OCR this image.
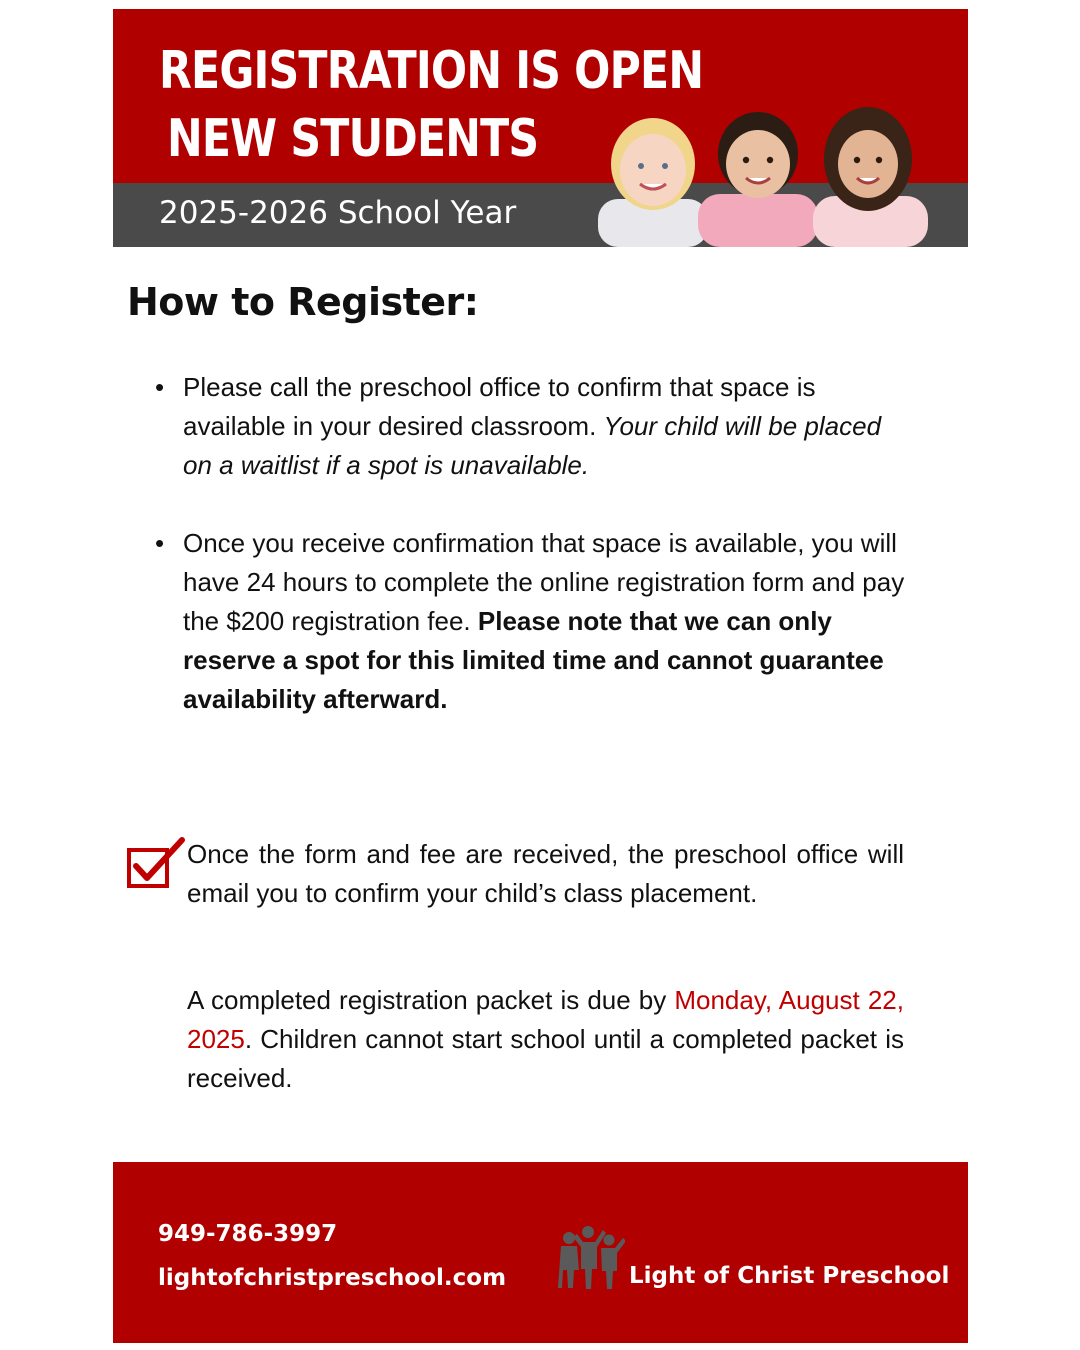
REGISTRATION IS OPEN
NEW STUDENTS
2025-2026 School Year
How to Register:
• Please call the preschool office to confirm that space is available in your desired classroom. Your child will be placed on a waitlist if a spot is unavailable.
• Once you receive confirmation that space is available, you will have 24 hours to complete the online registration form and pay the $200 registration fee. Please note that we can only reserve a spot for this limited time and cannot guarantee availability afterward.
Once the form and fee are received, the preschool office will email you to confirm your child’s class placement.
A completed registration packet is due by Monday, August 22, 2025. Children cannot start school until a completed packet is received.
949-786-3997
lightofchristpreschool.com	Light of Christ Preschool
